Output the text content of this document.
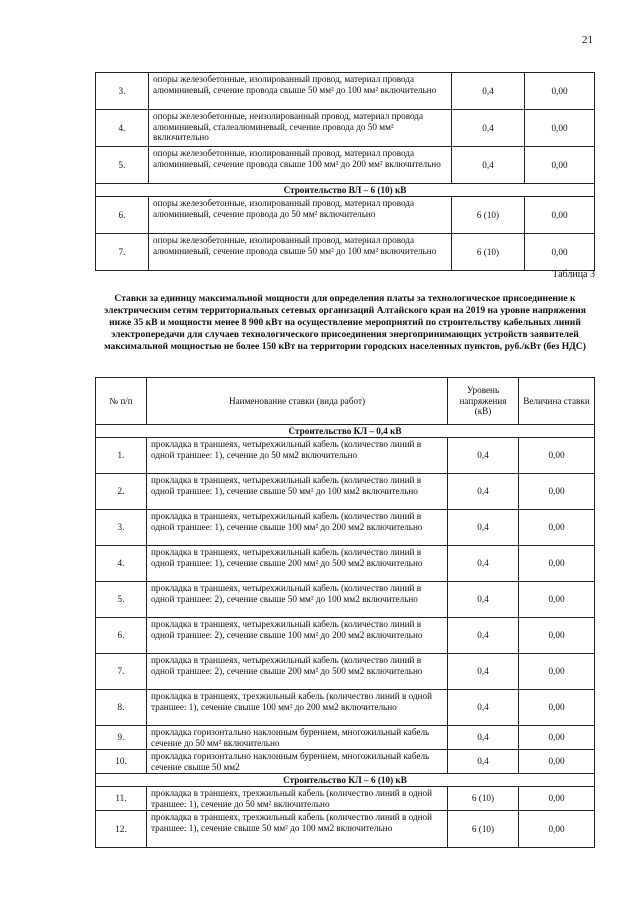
21
3.	опоры железобетонные, изолированный провод, материал провода алюминиевый, сечение провода свыше 50 мм² до 100 мм² включительно	0,4	0,00
4.	опоры железобетонные, неизолированный провод, материал провода алюминиевый, сталеалюминевый, сечение провода до 50 мм² включительно	0,4	0,00
5.	опоры железобетонные, изолированный провод, материал провода алюминиевый, сечение провода свыше 100 мм² до 200 мм² включительно	0,4	0,00
Строительство ВЛ – 6 (10) кВ			
6.	опоры железобетонные, изолированный провод, материал провода алюминиевый, сечение провода до 50 мм² включительно	6 (10)	0,00
7.	опоры железобетонные, изолированный провод, материал провода алюминиевый, сечение провода свыше 50 мм² до 100 мм² включительно	6 (10)	0,00
Таблица 3
Ставки за единицу максимальной мощности для определения платы за технологическое присоединение к электрическим сетям территориальных сетевых организаций Алтайского края на 2019 на уровне напряжения ниже 35 кВ и мощности менее 8 900 кВт на осуществление мероприятий по строительству кабельных линий электропередачи для случаев технологического присоединения энергопринимающих устройств заявителей максимальной мощностью не более 150 кВт на территории городских населенных пунктов, руб./кВт (без НДС)
№ п/п	Наименование ставки (вида работ)	Уровень напряжения (кВ)	Величина ставки
Строительство КЛ – 0,4 кВ			
1.	прокладка в траншеях, четырехжильный кабель (количество линий в одной траншее: 1), сечение до 50 мм2 включительно	0,4	0,00
2.	прокладка в траншеях, четырехжильный кабель (количество линий в одной траншее: 1), сечение свыше 50 мм² до 100 мм2 включительно	0,4	0,00
3.	прокладка в траншеях, четырехжильный кабель (количество линий в одной траншее: 1), сечение свыше 100 мм² до 200 мм2 включительно	0,4	0,00
4.	прокладка в траншеях, четырехжильный кабель (количество линий в одной траншее: 1), сечение свыше 200 мм² до 500 мм2 включительно	0,4	0,00
5.	прокладка в траншеях, четырехжильный кабель (количество линий в одной траншее: 2), сечение свыше 50 мм² до 100 мм2 включительно	0,4	0,00
6.	прокладка в траншеях, четырехжильный кабель (количество линий в одной траншее: 2), сечение свыше 100 мм² до 200 мм2 включительно	0,4	0,00
7.	прокладка в траншеях, четырехжильный кабель (количество линий в одной траншее: 2), сечение свыше 200 мм² до 500 мм2 включительно	0,4	0,00
8.	прокладка в траншеях, трехжильный кабель (количество линий в одной траншее: 1), сечение свыше 100 мм² до 200 мм2 включительно	0,4	0,00
9.	прокладка горизонтально наклонным бурением, многожильный кабель сечение до 50 мм² включительно	0,4	0,00
10.	прокладка горизонтально наклонным бурением, многожильный кабель сечение свыше 50 мм2	0,4	0,00
Строительство КЛ – 6 (10) кВ			
11.	прокладка в траншеях, трехжильный кабель (количество линий в одной траншее: 1), сечение до 50 мм² включительно	6 (10)	0,00
12.	прокладка в траншеях, трехжильный кабель (количество линий в одной траншее: 1), сечение свыше 50 мм² до 100 мм2 включительно	6 (10)	0,00
